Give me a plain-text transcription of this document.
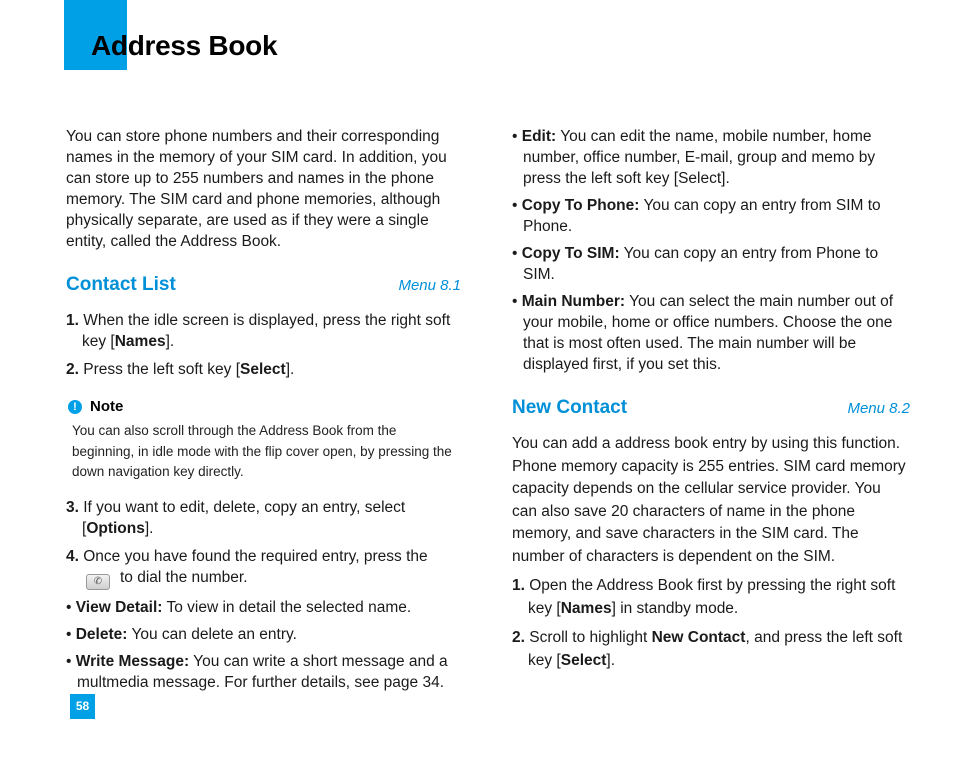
Address Book

You can store phone numbers and their corresponding names in the memory of your SIM card. In addition, you can store up to 255 numbers and names in the phone memory. The SIM card and phone memories, although physically separate, are used as if they were a single entity, called the Address Book.

Contact List	Menu 8.1

1. When the idle screen is displayed, press the right soft key [Names].

2. Press the left soft key [Select].

! Note

You can also scroll through the Address Book from the beginning, in idle mode with the flip cover open, by pressing the down navigation key directly.

3. If you want to edit, delete, copy an entry, select [Options].

4. Once you have found the required entry, press the
✆ to dial the number.

• View Detail: To view in detail the selected name.

• Delete: You can delete an entry.

• Write Message: You can write a short message and a multmedia message. For further details, see page 34.

• Edit: You can edit the name, mobile number, home number, office number, E-mail, group and memo by press the left soft key [Select].

• Copy To Phone: You can copy an entry from SIM to Phone.

• Copy To SIM: You can copy an entry from Phone to SIM.

• Main Number: You can select the main number out of your mobile, home or office numbers. Choose the one that is most often used. The main number will be displayed first, if you set this.

New Contact	Menu 8.2

You can add a address book entry by using this function. Phone memory capacity is 255 entries. SIM card memory capacity depends on the cellular service provider. You can also save 20 characters of name in the phone memory, and save characters in the SIM card. The number of characters is dependent on the SIM.

1. Open the Address Book first by pressing the right soft key [Names] in standby mode.

2. Scroll to highlight New Contact, and press the left soft key [Select].

58
